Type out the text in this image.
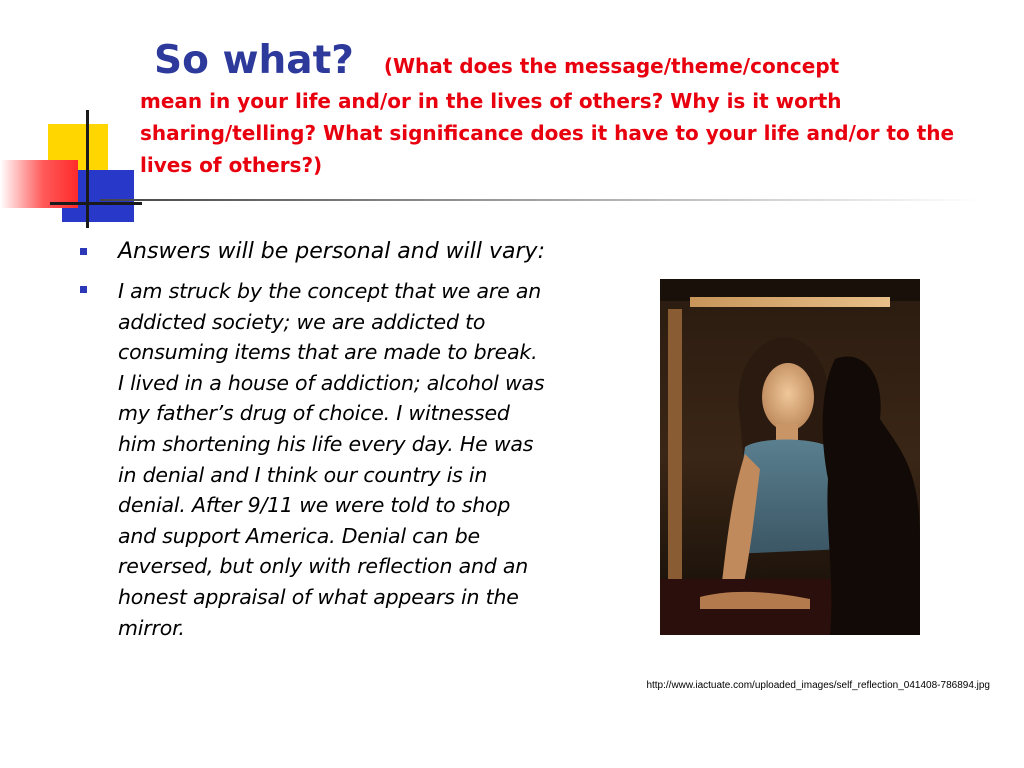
So what? (What does the message/theme/concept
mean in your life and/or in the lives of others? Why is it worth sharing/telling? What significance does it have to your life and/or to the lives of others?)
Answers will be personal and will vary:
I am struck by the concept that we are an addicted society; we are addicted to consuming items that are made to break. I lived in a house of addiction; alcohol was my father’s drug of choice. I witnessed him shortening his life every day. He was in denial and I think our country is in denial. After 9/11 we were told to shop and support America. Denial can be reversed, but only with reflection and an honest appraisal of what appears in the mirror.
http://www.iactuate.com/uploaded_images/self_reflection_041408-786894.jpg
